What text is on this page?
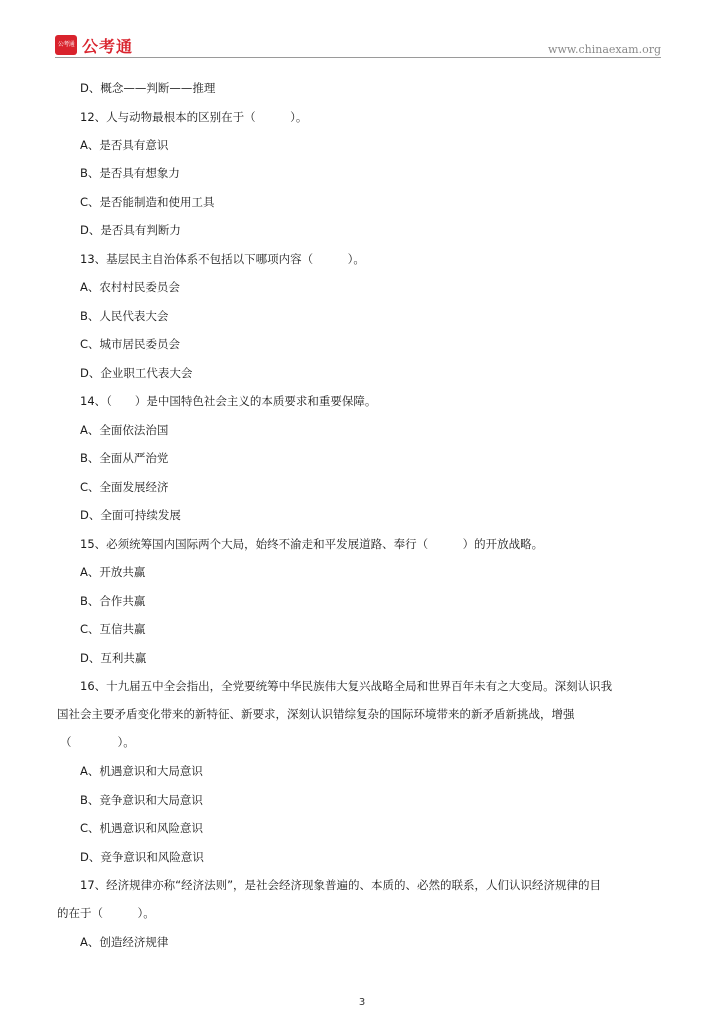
公考通 公考通	www.chinaexam.org
D、概念——判断——推理
12、人与动物最根本的区别在于（　　　）。
A、是否具有意识
B、是否具有想象力
C、是否能制造和使用工具
D、是否具有判断力
13、基层民主自治体系不包括以下哪项内容（　　　）。
A、农村村民委员会
B、人民代表大会
C、城市居民委员会
D、企业职工代表大会
14、（　　）是中国特色社会主义的本质要求和重要保障。
A、全面依法治国
B、全面从严治党
C、全面发展经济
D、全面可持续发展
15、必须统筹国内国际两个大局，始终不渝走和平发展道路、奉行（　　　）的开放战略。
A、开放共赢
B、合作共赢
C、互信共赢
D、互利共赢
16、十九届五中全会指出，全党要统筹中华民族伟大复兴战略全局和世界百年未有之大变局。深刻认识我
国社会主要矛盾变化带来的新特征、新要求，深刻认识错综复杂的国际环境带来的新矛盾新挑战，增强
（　　　　）。
A、机遇意识和大局意识
B、竞争意识和大局意识
C、机遇意识和风险意识
D、竞争意识和风险意识
17、经济规律亦称“经济法则”，是社会经济现象普遍的、本质的、必然的联系，人们认识经济规律的目
的在于（　　　）。
A、创造经济规律
3
